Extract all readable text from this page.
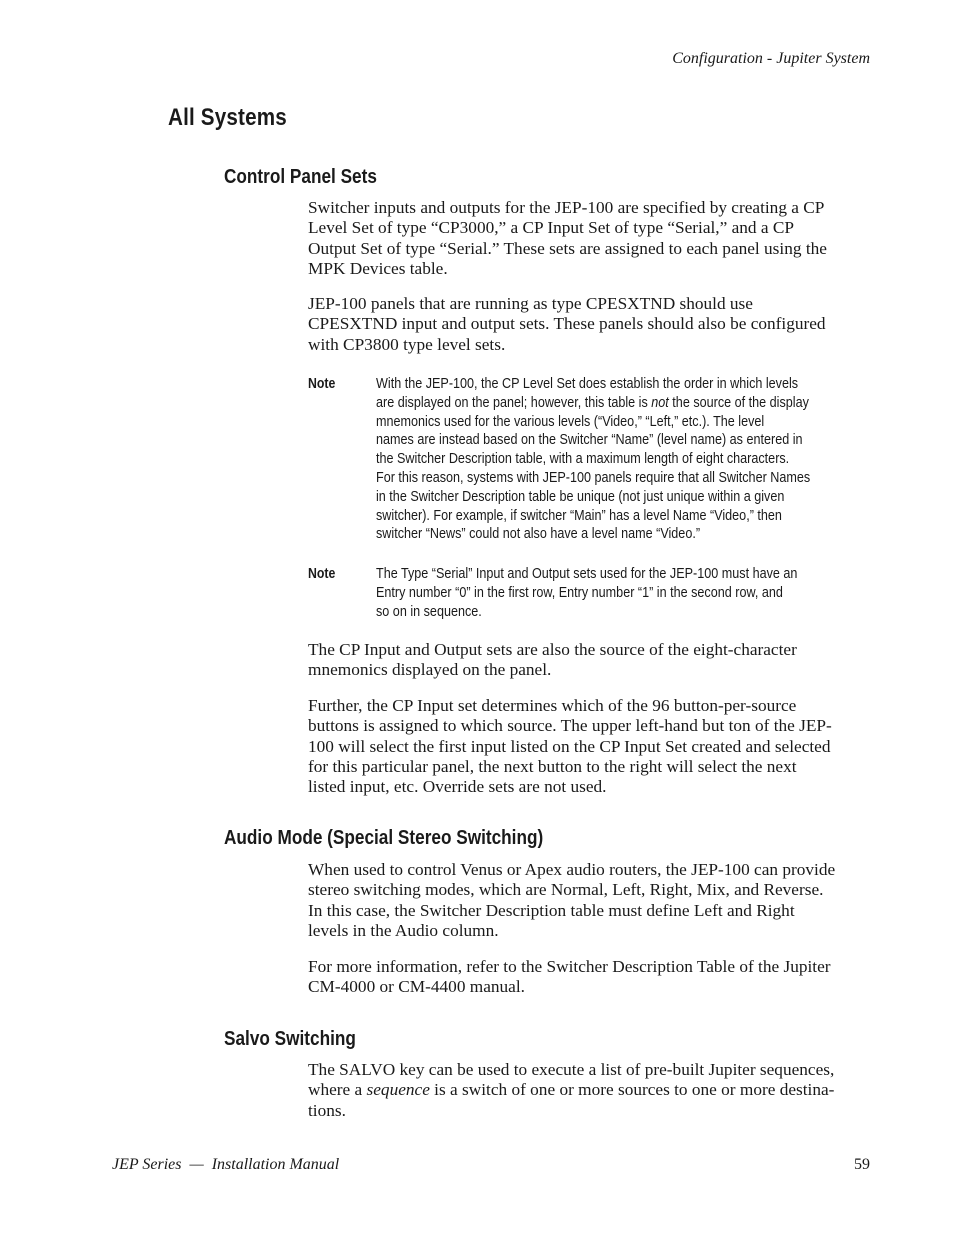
Configuration - Jupiter System
All Systems
Control Panel Sets
Switcher inputs and outputs for the JEP-100 are specified by creating a CP
Level Set of type “CP3000,” a CP Input Set of type “Serial,” and a CP
Output Set of type “Serial.” These sets are assigned to each panel using the
MPK Devices table.
JEP-100 panels that are running as type CPESXTND should use
CPESXTND input and output sets. These panels should also be configured
with CP3800 type level sets.
Note	With the JEP-100, the CP Level Set does establish the order in which levels
are displayed on the panel; however, this table is not the source of the display
mnemonics used for the various levels (“Video,” “Left,” etc.). The level
names are instead based on the Switcher “Name” (level name) as entered in
the Switcher Description table, with a maximum length of eight characters.
For this reason, systems with JEP-100 panels require that all Switcher Names
in the Switcher Description table be unique (not just unique within a given
switcher). For example, if switcher “Main” has a level Name “Video,” then
switcher “News” could not also have a level name “Video.”
Note	The Type “Serial” Input and Output sets used for the JEP-100 must have an
Entry number “0” in the first row, Entry number “1” in the second row, and
so on in sequence.
The CP Input and Output sets are also the source of the eight-character
mnemonics displayed on the panel.
Further, the CP Input set determines which of the 96 button-per-source
buttons is assigned to which source. The upper left-hand but ton of the JEP-
100 will select the first input listed on the CP Input Set created and selected
for this particular panel, the next button to the right will select the next
listed input, etc. Override sets are not used.
Audio Mode (Special Stereo Switching)
When used to control Venus or Apex audio routers, the JEP-100 can provide
stereo switching modes, which are Normal, Left, Right, Mix, and Reverse.
In this case, the Switcher Description table must define Left and Right
levels in the Audio column.
For more information, refer to the Switcher Description Table of the Jupiter
CM-4000 or CM-4400 manual.
Salvo Switching
The SALVO key can be used to execute a list of pre-built Jupiter sequences,
where a sequence is a switch of one or more sources to one or more destina-
tions.
JEP Series  —  Installation Manual	59
